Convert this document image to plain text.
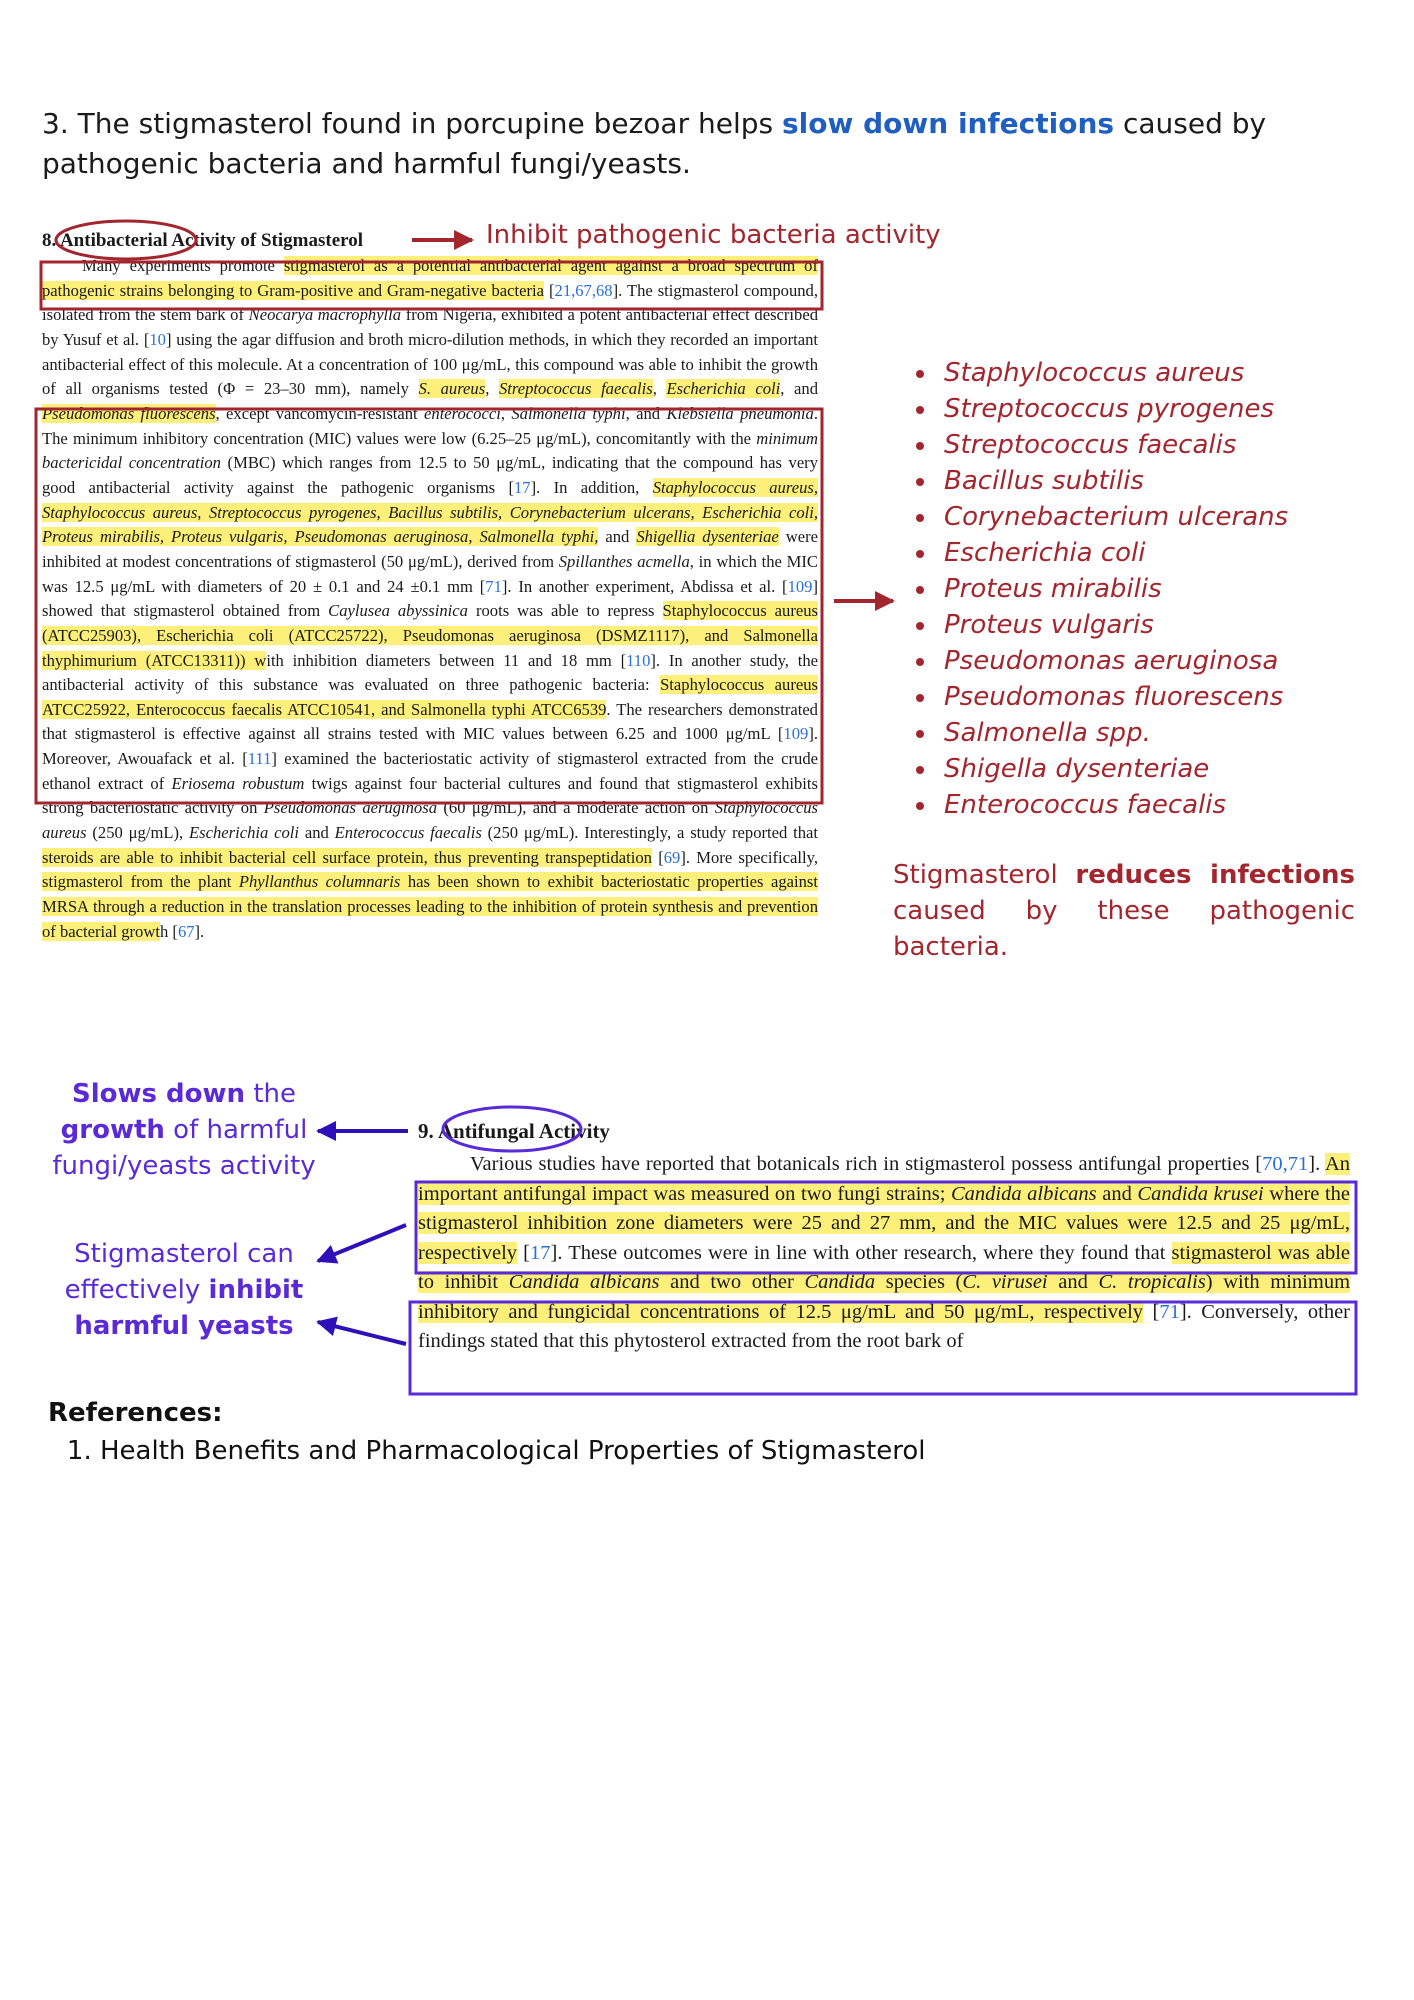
3. The stigmasterol found in porcupine bezoar helps slow down infections caused by pathogenic bacteria and harmful fungi/yeasts.
8. Antibacterial Activity of Stigmasterol

Many experiments promote stigmasterol as a potential antibacterial agent against a broad spectrum of pathogenic strains belonging to Gram-positive and Gram-negative bacteria [21,67,68]. The stigmasterol compound, isolated from the stem bark of Neocarya macrophylla from Nigeria, exhibited a potent antibacterial effect described by Yusuf et al. [10] using the agar diffusion and broth micro-dilution methods, in which they recorded an important antibacterial effect of this molecule. At a concentration of 100 μg/mL, this compound was able to inhibit the growth of all organisms tested (Φ = 23–30 mm), namely S. aureus, Streptococcus faecalis, Escherichia coli, and Pseudomonas fluorescens, except vancomycin-resistant enterococci, Salmonella typhi, and Klebsiella pneumonia. The minimum inhibitory concentration (MIC) values were low (6.25–25 μg/mL), concomitantly with the minimum bactericidal concentration (MBC) which ranges from 12.5 to 50 μg/mL, indicating that the compound has very good antibacterial activity against the pathogenic organisms [17]. In addition, Staphylococcus aureus, Staphylococcus aureus, Streptococcus pyrogenes, Bacillus subtilis, Corynebacterium ulcerans, Escherichia coli, Proteus mirabilis, Proteus vulgaris, Pseudomonas aeruginosa, Salmonella typhi, and Shigellia dysenteriae were inhibited at modest concentrations of stigmasterol (50 μg/mL), derived from Spillanthes acmella, in which the MIC was 12.5 μg/mL with diameters of 20 ± 0.1 and 24 ±0.1 mm [71]. In another experiment, Abdissa et al. [109] showed that stigmasterol obtained from Caylusea abyssinica roots was able to repress Staphylococcus aureus (ATCC25903), Escherichia coli (ATCC25722), Pseudomonas aeruginosa (DSMZ1117), and Salmonella thyphimurium (ATCC13311)) with inhibition diameters between 11 and 18 mm [110]. In another study, the antibacterial activity of this substance was evaluated on three pathogenic bacteria: Staphylococcus aureus ATCC25922, Enterococcus faecalis ATCC10541, and Salmonella typhi ATCC6539. The researchers demonstrated that stigmasterol is effective against all strains tested with MIC values between 6.25 and 1000 μg/mL [109]. Moreover, Awouafack et al. [111] examined the bacteriostatic activity of stigmasterol extracted from the crude ethanol extract of Eriosema robustum twigs against four bacterial cultures and found that stigmasterol exhibits strong bacteriostatic activity on Pseudomonas aeruginosa (60 μg/mL), and a moderate action on Staphylococcus aureus (250 μg/mL), Escherichia coli and Enterococcus faecalis (250 μg/mL). Interestingly, a study reported that steroids are able to inhibit bacterial cell surface protein, thus preventing transpeptidation [69]. More specifically, stigmasterol from the plant Phyllanthus columnaris has been shown to exhibit bacteriostatic properties against MRSA through a reduction in the translation processes leading to the inhibition of protein synthesis and prevention of bacterial growth [67].

Inhibit pathogenic bacteria activity
• Staphylococcus aureus
• Streptococcus pyrogenes
• Streptococcus faecalis
• Bacillus subtilis
• Corynebacterium ulcerans
• Escherichia coli
• Proteus mirabilis
• Proteus vulgaris
• Pseudomonas aeruginosa
• Pseudomonas fluorescens
• Salmonella spp.
• Shigella dysenteriae
• Enterococcus faecalis
Stigmasterol reduces infections caused by these pathogenic bacteria.
9. Antifungal Activity

Various studies have reported that botanicals rich in stigmasterol possess antifungal properties [70,71]. An important antifungal impact was measured on two fungi strains; Candida albicans and Candida krusei where the stigmasterol inhibition zone diameters were 25 and 27 mm, and the MIC values were 12.5 and 25 μg/mL, respectively [17]. These outcomes were in line with other research, where they found that stigmasterol was able to inhibit Candida albicans and two other Candida species (C. virusei and C. tropicalis) with minimum inhibitory and fungicidal concentrations of 12.5 μg/mL and 50 μg/mL, respectively [71]. Conversely, other findings stated that this phytosterol extracted from the root bark of

Slows down the growth of harmful fungi/yeasts activity
Stigmasterol can effectively inhibit harmful yeasts
References:
1. Health Benefits and Pharmacological Properties of Stigmasterol
